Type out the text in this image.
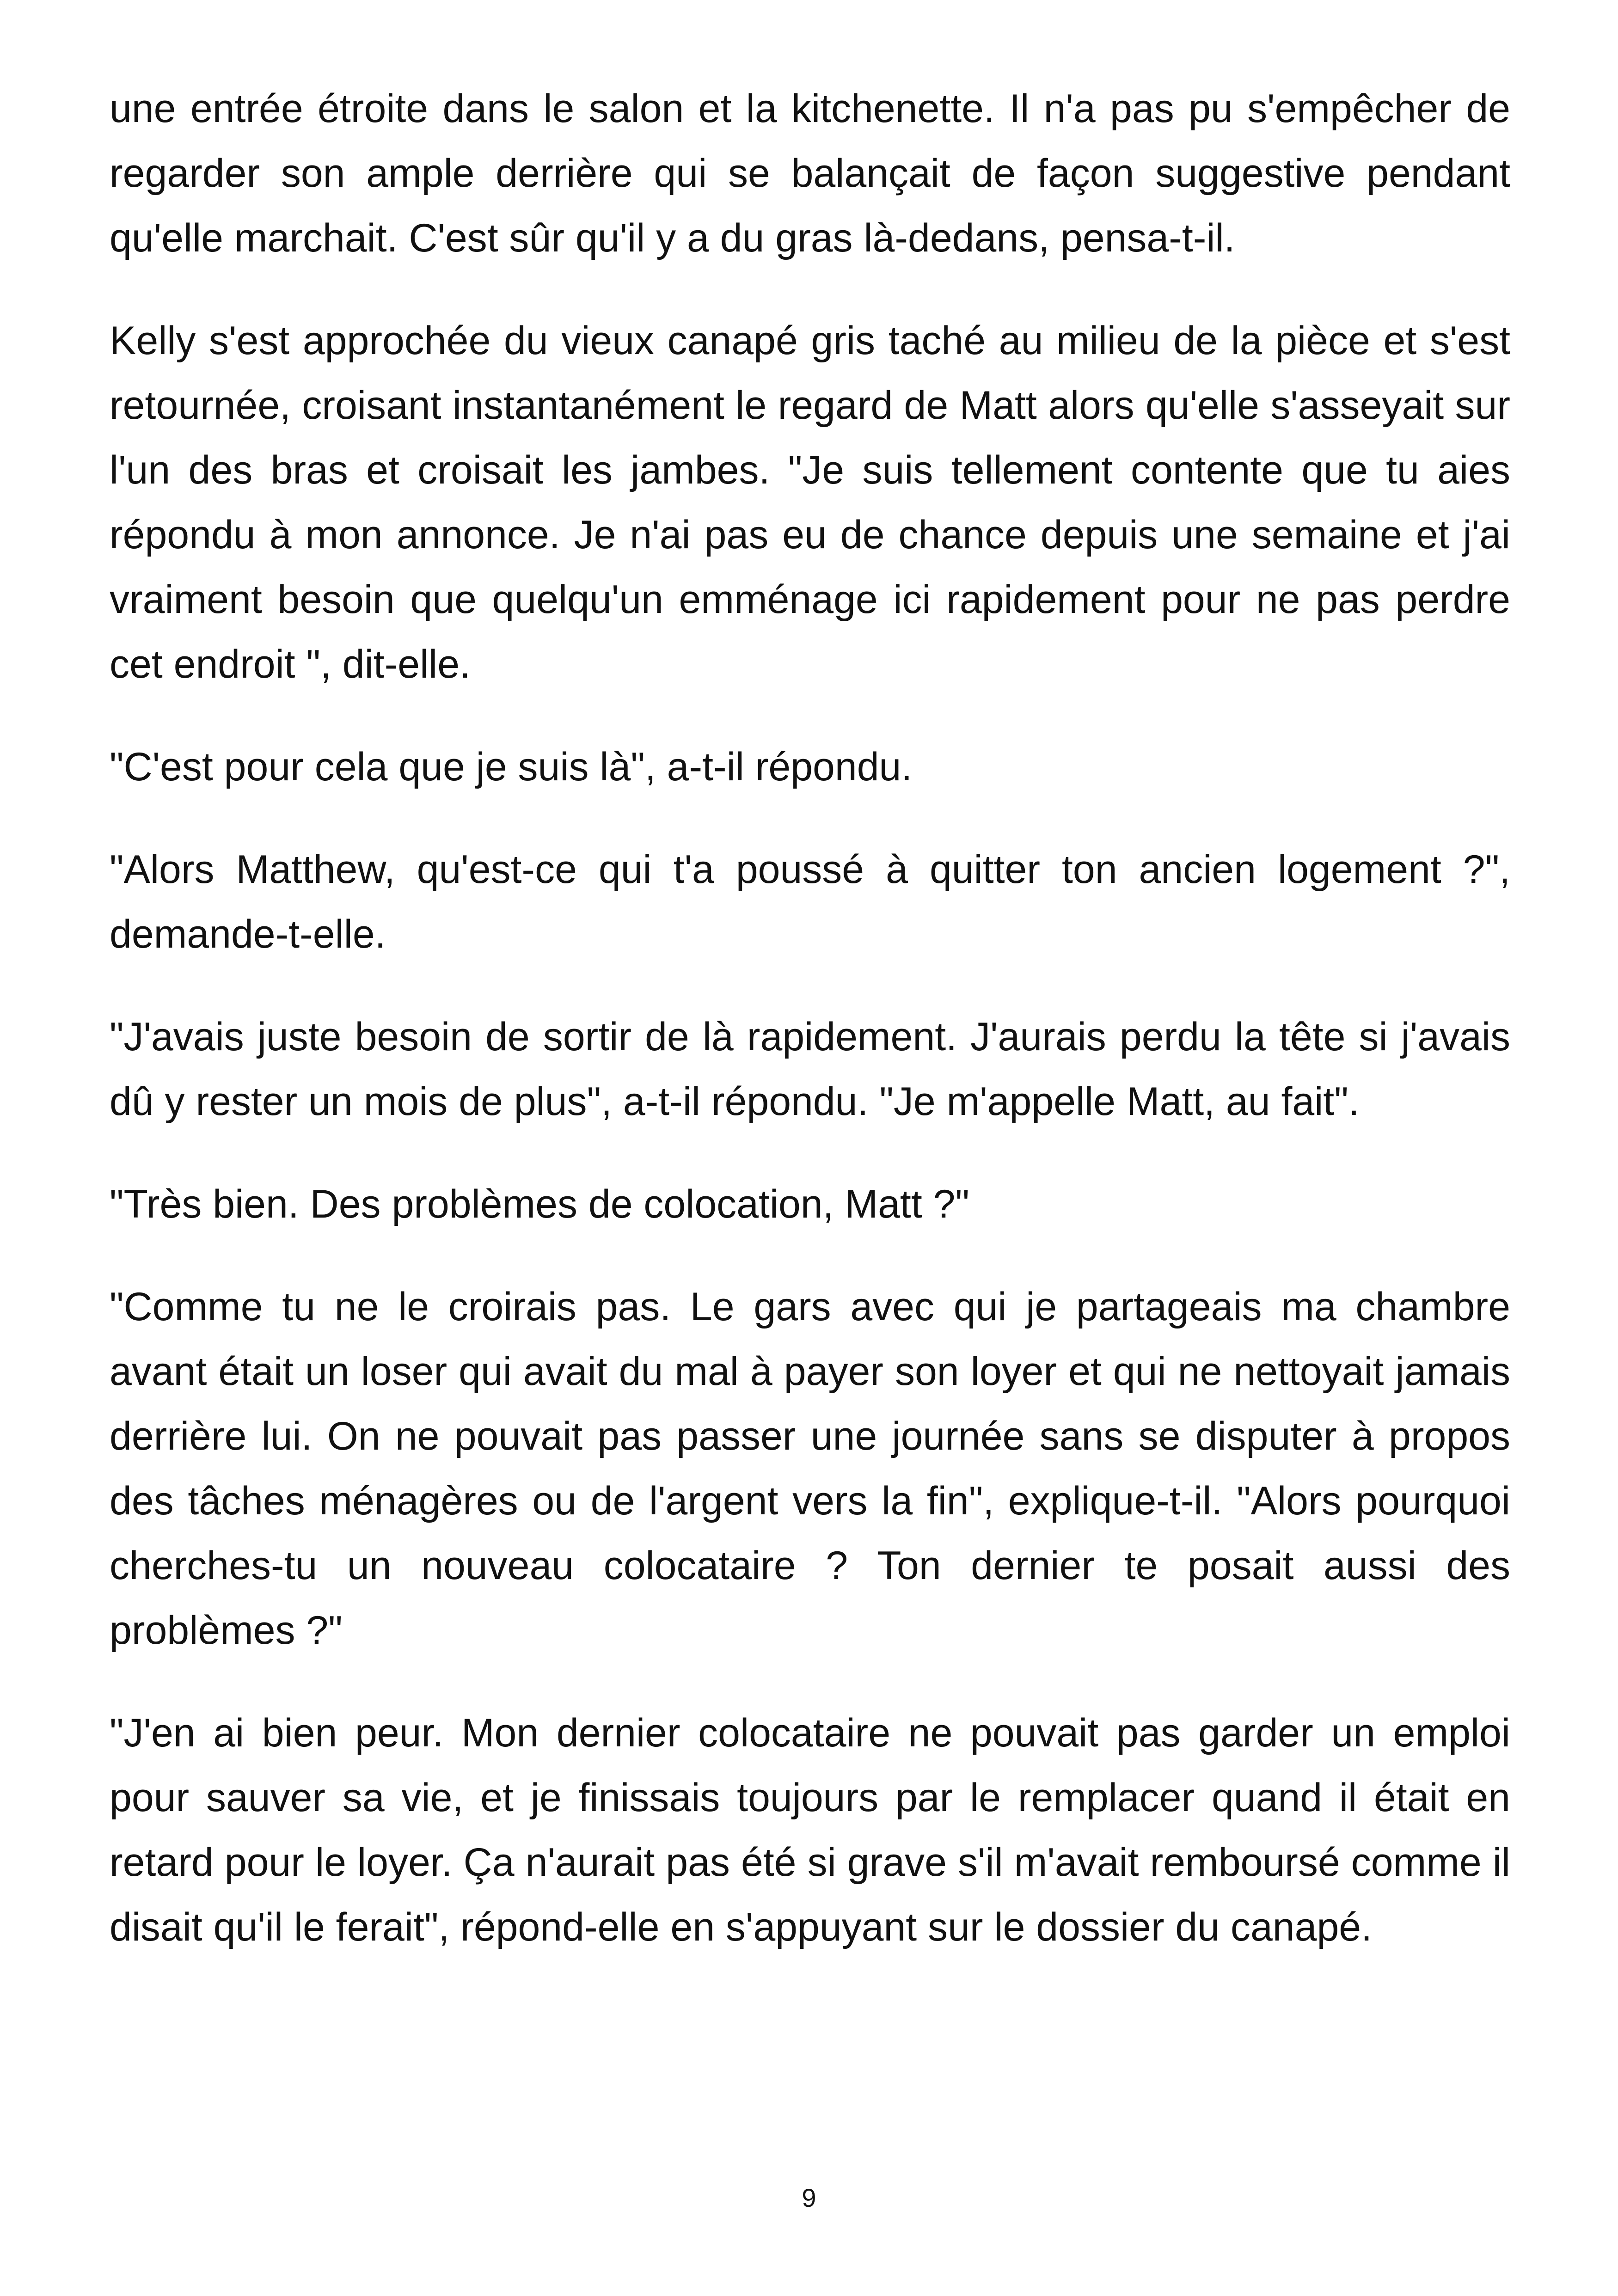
une entrée étroite dans le salon et la kitchenette. Il n'a pas pu s'empêcher de regarder son ample derrière qui se balançait de façon suggestive pendant qu'elle marchait. C'est sûr qu'il y a du gras là-dedans, pensa-t-il.

Kelly s'est approchée du vieux canapé gris taché au milieu de la pièce et s'est retournée, croisant instantanément le regard de Matt alors qu'elle s'asseyait sur l'un des bras et croisait les jambes. "Je suis tellement contente que tu aies répondu à mon annonce. Je n'ai pas eu de chance depuis une semaine et j'ai vraiment besoin que quelqu'un emménage ici rapidement pour ne pas perdre cet endroit ", dit-elle.

"C'est pour cela que je suis là", a-t-il répondu.

"Alors Matthew, qu'est-ce qui t'a poussé à quitter ton ancien logement ?", demande-t-elle.

"J'avais juste besoin de sortir de là rapidement. J'aurais perdu la tête si j'avais dû y rester un mois de plus", a-t-il répondu. "Je m'appelle Matt, au fait".

"Très bien. Des problèmes de colocation, Matt ?"

"Comme tu ne le croirais pas. Le gars avec qui je partageais ma chambre avant était un loser qui avait du mal à payer son loyer et qui ne nettoyait jamais derrière lui. On ne pouvait pas passer une journée sans se disputer à propos des tâches ménagères ou de l'argent vers la fin", explique-t-il. "Alors pourquoi cherches-tu un nouveau colocataire ? Ton dernier te posait aussi des problèmes ?"

"J'en ai bien peur. Mon dernier colocataire ne pouvait pas garder un emploi pour sauver sa vie, et je finissais toujours par le remplacer quand il était en retard pour le loyer. Ça n'aurait pas été si grave s'il m'avait remboursé comme il disait qu'il le ferait", répond-elle en s'appuyant sur le dossier du canapé.

9
